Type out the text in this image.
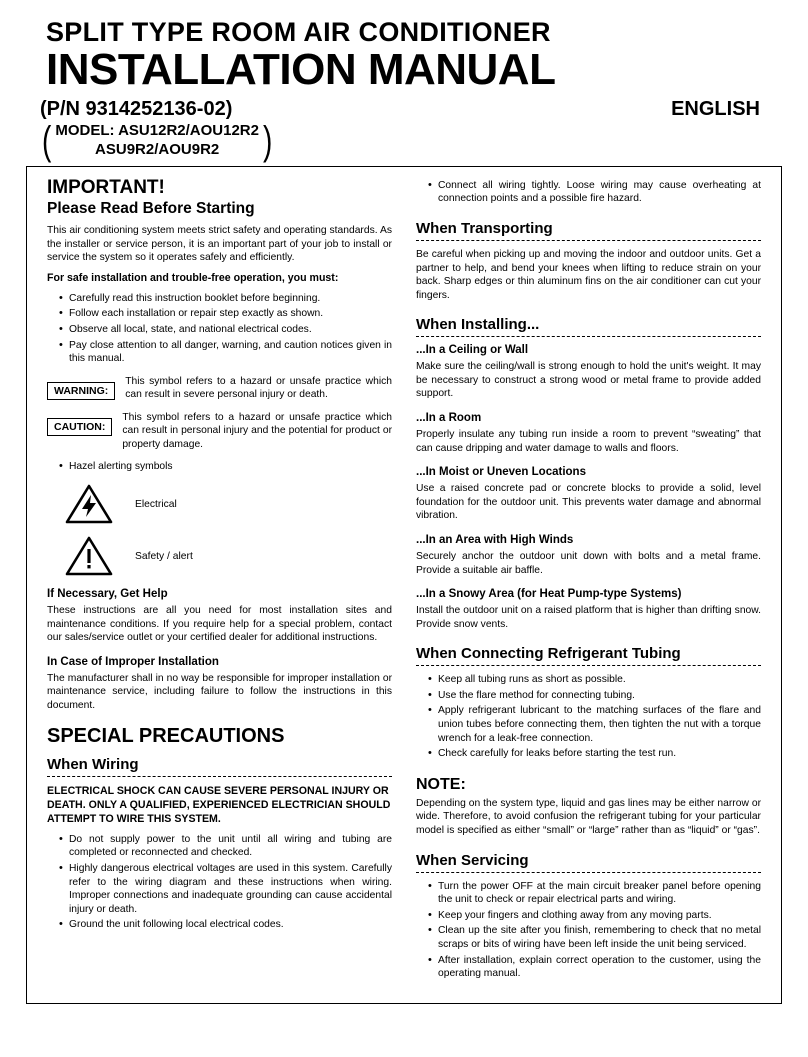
SPLIT TYPE ROOM AIR CONDITIONER
INSTALLATION MANUAL
(P/N 9314252136-02)	ENGLISH
( MODEL: ASU12R2/AOU12R2
ASU9R2/AOU9R2	)
IMPORTANT!
Please Read Before Starting

This air conditioning system meets strict safety and operating standards. As the installer or service person, it is an important part of your job to install or service the system so it operates safely and efficiently.

For safe installation and trouble-free operation, you must:
• Carefully read this instruction booklet before beginning.
• Follow each installation or repair step exactly as shown.
• Observe all local, state, and national electrical codes.
• Pay close attention to all danger, warning, and caution notices given in this manual.
WARNING:
This symbol refers to a hazard or unsafe practice which can result in severe personal injury or death.
CAUTION:
This symbol refers to a hazard or unsafe practice which can result in personal injury and the potential for product or property damage.
• Hazel alerting symbols
Electrical
Safety / alert
If Necessary, Get Help

These instructions are all you need for most installation sites and maintenance conditions. If you require help for a special problem, contact our sales/service outlet or your certified dealer for additional instructions.

In Case of Improper Installation

The manufacturer shall in no way be responsible for improper installation or maintenance service, including failure to follow the instructions in this document.

SPECIAL PRECAUTIONS
When Wiring
ELECTRICAL SHOCK CAN CAUSE SEVERE PERSONAL INJURY OR DEATH. ONLY A QUALIFIED, EXPERIENCED ELECTRICIAN SHOULD ATTEMPT TO WIRE THIS SYSTEM.
• Do not supply power to the unit until all wiring and tubing are completed or reconnected and checked.
• Highly dangerous electrical voltages are used in this system. Carefully refer to the wiring diagram and these instructions when wiring. Improper connections and inadequate grounding can cause accidental injury or death.
• Ground the unit following local electrical codes.
• Connect all wiring tightly. Loose wiring may cause overheating at connection points and a possible fire hazard.
When Transporting

Be careful when picking up and moving the indoor and outdoor units. Get a partner to help, and bend your knees when lifting to reduce strain on your back. Sharp edges or thin aluminum fins on the air conditioner can cut your fingers.

When Installing...
...In a Ceiling or Wall

Make sure the ceiling/wall is strong enough to hold the unit's weight. It may be necessary to construct a strong wood or metal frame to provide added support.

...In a Room

Properly insulate any tubing run inside a room to prevent “sweating” that can cause dripping and water damage to walls and floors.

...In Moist or Uneven Locations

Use a raised concrete pad or concrete blocks to provide a solid, level foundation for the outdoor unit. This prevents water damage and abnormal vibration.

...In an Area with High Winds

Securely anchor the outdoor unit down with bolts and a metal frame. Provide a suitable air baffle.

...In a Snowy Area (for Heat Pump-type Systems)

Install the outdoor unit on a raised platform that is higher than drifting snow. Provide snow vents.

When Connecting Refrigerant Tubing
• Keep all tubing runs as short as possible.
• Use the flare method for connecting tubing.
• Apply refrigerant lubricant to the matching surfaces of the flare and union tubes before connecting them, then tighten the nut with a torque wrench for a leak-free connection.
• Check carefully for leaks before starting the test run.
NOTE:

Depending on the system type, liquid and gas lines may be either narrow or wide. Therefore, to avoid confusion the refrigerant tubing for your particular model is specified as either “small” or “large” rather than as “liquid” or “gas”.

When Servicing
• Turn the power OFF at the main circuit breaker panel before opening the unit to check or repair electrical parts and wiring.
• Keep your fingers and clothing away from any moving parts.
• Clean up the site after you finish, remembering to check that no metal scraps or bits of wiring have been left inside the unit being serviced.
• After installation, explain correct operation to the customer, using the operating manual.
